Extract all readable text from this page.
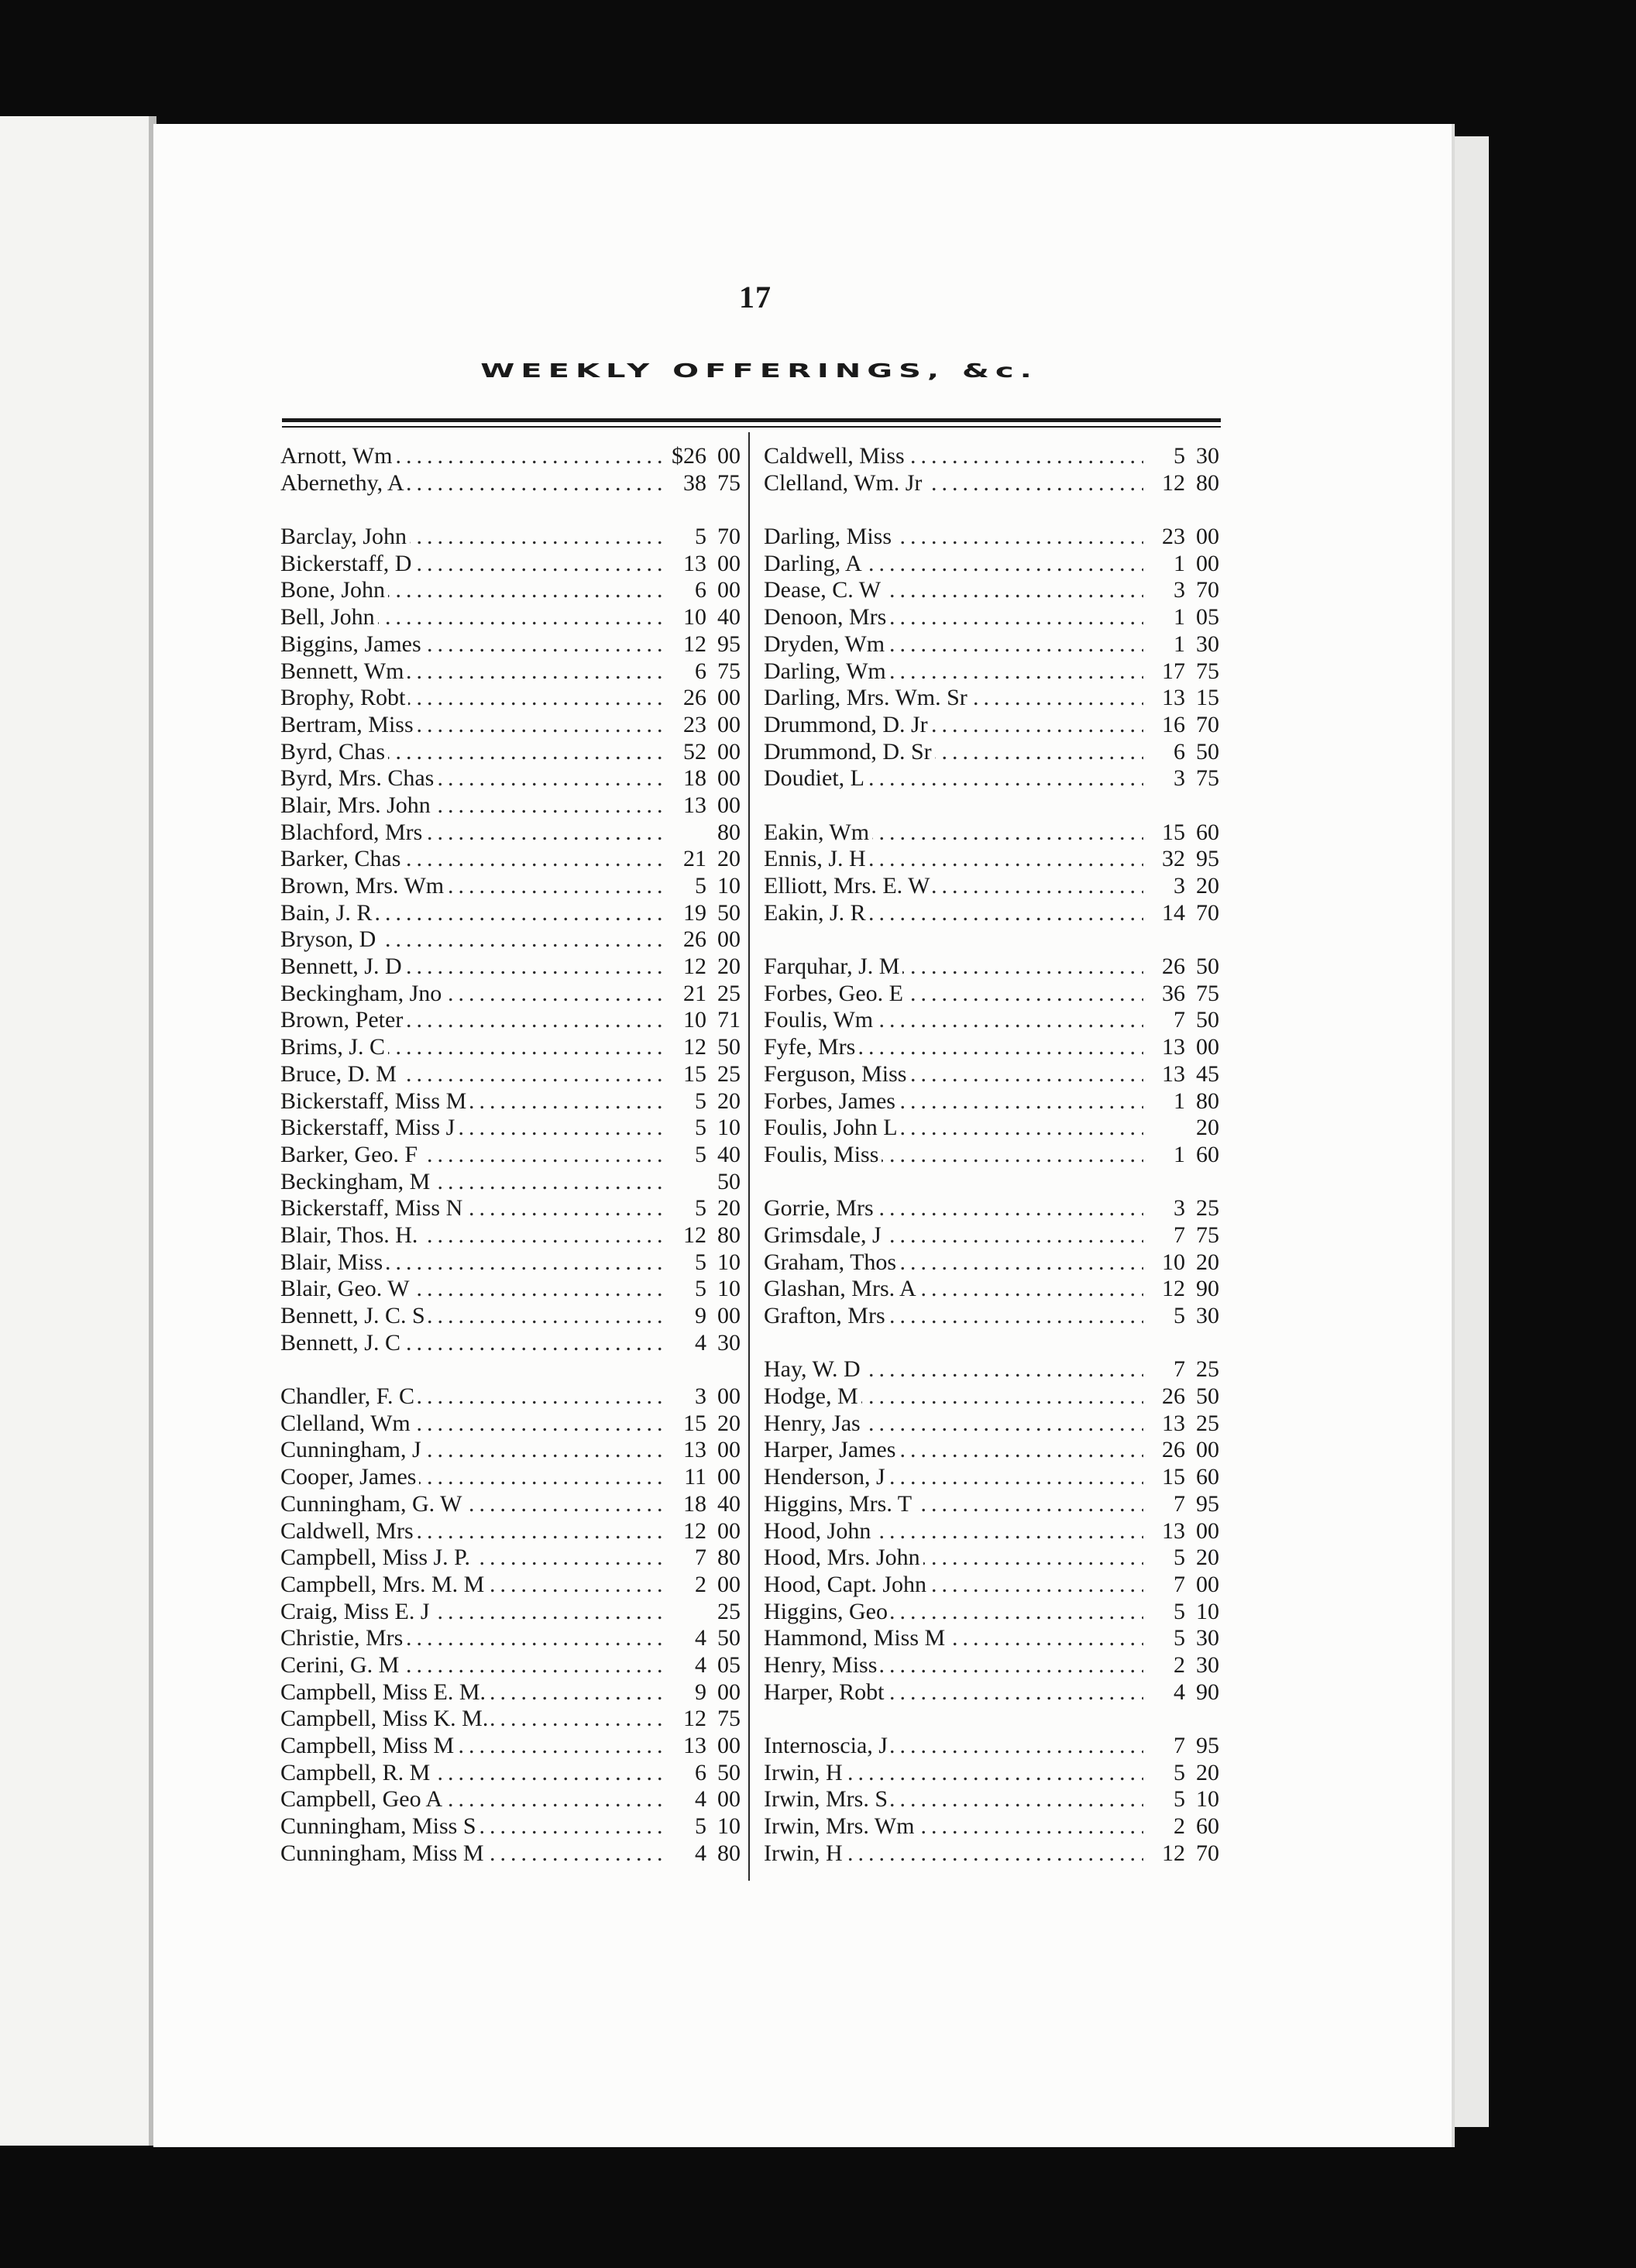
17
WEEKLY OFFERINGS, &c.
.....
Arnott, Wm	$26 00
.....
Abernethy, A	38 75
.....
Barclay, John	5 70
.....
Bickerstaff, D	13 00
.....
Bone, John	6 00
.....
Bell, John	10 40
.....
Biggins, James	12 95
.....
Bennett, Wm	6 75
.....
Brophy, Robt	26 00
.....
Bertram, Miss	23 00
.....
Byrd, Chas	52 00
.....
Byrd, Mrs. Chas	18 00
.....
Blair, Mrs. John	13 00
.....
Blachford, Mrs	80
.....
Barker, Chas	21 20
.....
Brown, Mrs. Wm	5 10
.....
Bain, J. R	19 50
.....
Bryson, D	26 00
.....
Bennett, J. D	12 20
.....
Beckingham, Jno	21 25
.....
Brown, Peter	10 71
.....
Brims, J. C	12 50
.....
Bruce, D. M	15 25
.....
Bickerstaff, Miss M	5 20
.....
Bickerstaff, Miss J	5 10
.....
Barker, Geo. F	5 40
.....
Beckingham, M	50
.....
Bickerstaff, Miss N	5 20
.....
Blair, Thos. H.	12 80
.....
Blair, Miss	5 10
.....
Blair, Geo. W	5 10
.....
Bennett, J. C. S	9 00
.....
Bennett, J. C	4 30
.....
Chandler, F. C	3 00
.....
Clelland, Wm	15 20
.....
Cunningham, J	13 00
.....
Cooper, James	11 00
.....
Cunningham, G. W	18 40
.....
Caldwell, Mrs	12 00
.....
Campbell, Miss J. P.	7 80
.....
Campbell, Mrs. M. M	2 00
.....
Craig, Miss E. J	25
.....
Christie, Mrs	4 50
.....
Cerini, G. M	4 05
.....
Campbell, Miss E. M.	9 00
.....
Campbell, Miss K. M.	12 75
.....
Campbell, Miss M	13 00
.....
Campbell, R. M	6 50
.....
Campbell, Geo A	4 00
.....
Cunningham, Miss S	5 10
.....
Cunningham, Miss M	4 80
.....
Caldwell, Miss	5 30
.....
Clelland, Wm. Jr	12 80
.....
Darling, Miss	23 00
.....
Darling, A	1 00
.....
Dease, C. W	3 70
.....
Denoon, Mrs	1 05
.....
Dryden, Wm	1 30
.....
Darling, Wm	17 75
.....
Darling, Mrs. Wm. Sr	13 15
.....
Drummond, D. Jr	16 70
.....
Drummond, D. Sr	6 50
.....
Doudiet, L	3 75
.....
Eakin, Wm	15 60
.....
Ennis, J. H	32 95
.....
Elliott, Mrs. E. W	3 20
.....
Eakin, J. R	14 70
.....
Farquhar, J. M	26 50
.....
Forbes, Geo. E	36 75
.....
Foulis, Wm	7 50
.....
Fyfe, Mrs	13 00
.....
Ferguson, Miss	13 45
.....
Forbes, James	1 80
.....
Foulis, John L	20
.....
Foulis, Miss	1 60
.....
Gorrie, Mrs	3 25
.....
Grimsdale, J	7 75
.....
Graham, Thos	10 20
.....
Glashan, Mrs. A	12 90
.....
Grafton, Mrs	5 30
.....
Hay, W. D	7 25
.....
Hodge, M	26 50
.....
Henry, Jas	13 25
.....
Harper, James	26 00
.....
Henderson, J	15 60
.....
Higgins, Mrs. T	7 95
.....
Hood, John	13 00
.....
Hood, Mrs. John	5 20
.....
Hood, Capt. John	7 00
.....
Higgins, Geo	5 10
.....
Hammond, Miss M	5 30
.....
Henry, Miss	2 30
.....
Harper, Robt	4 90
.....
Internoscia, J	7 95
.....
Irwin, H	5 20
.....
Irwin, Mrs. S	5 10
.....
Irwin, Mrs. Wm	2 60
.....
Irwin, H	12 70
